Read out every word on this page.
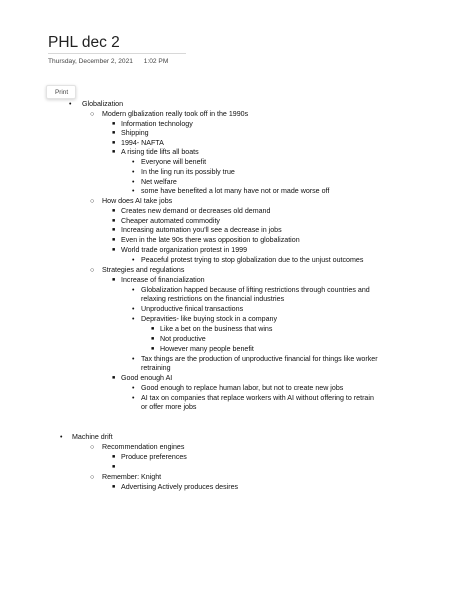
PHL dec 2
Thursday, December 2, 2021 1:02 PM
Print
• Globalization
○ Modern glbalization really took off in the 1990s
■ Information technology
■ Shipping
■ 1994- NAFTA
■ A rising tide lifts all boats
• Everyone will benefit
• In the ling run its possibly true
• Net welfare
• some have benefited a lot many have not or made worse off
○ How does AI take jobs
■ Creates new demand or decreases old demand
■ Cheaper automated commodity
■ Increasing automation you'll see a decrease in jobs
■ Even in the late 90s there was opposition to globalization
■ World trade organization protest in 1999
• Peaceful protest trying to stop globalization due to the unjust outcomes
○ Strategies and regulations
■ Increase of financialization
• Globalization happed because of lifting restrictions through countries and
relaxing restrictions on the financial industries
• Unproductive finical transactions
• Depravities- like buying stock in a company
■ Like a bet on the business that wins
■ Not productive
■ However many people benefit
• Tax things are the production of unproductive financial for things like worker
retraining
■ Good enough AI
• Good enough to replace human labor, but not to create new jobs
• AI tax on companies that replace workers with AI without offering to retrain
or offer more jobs
• Machine drift
○ Recommendation engines
■ Produce preferences
■
○ Remember: Knight
■ Advertising Actively produces desires
